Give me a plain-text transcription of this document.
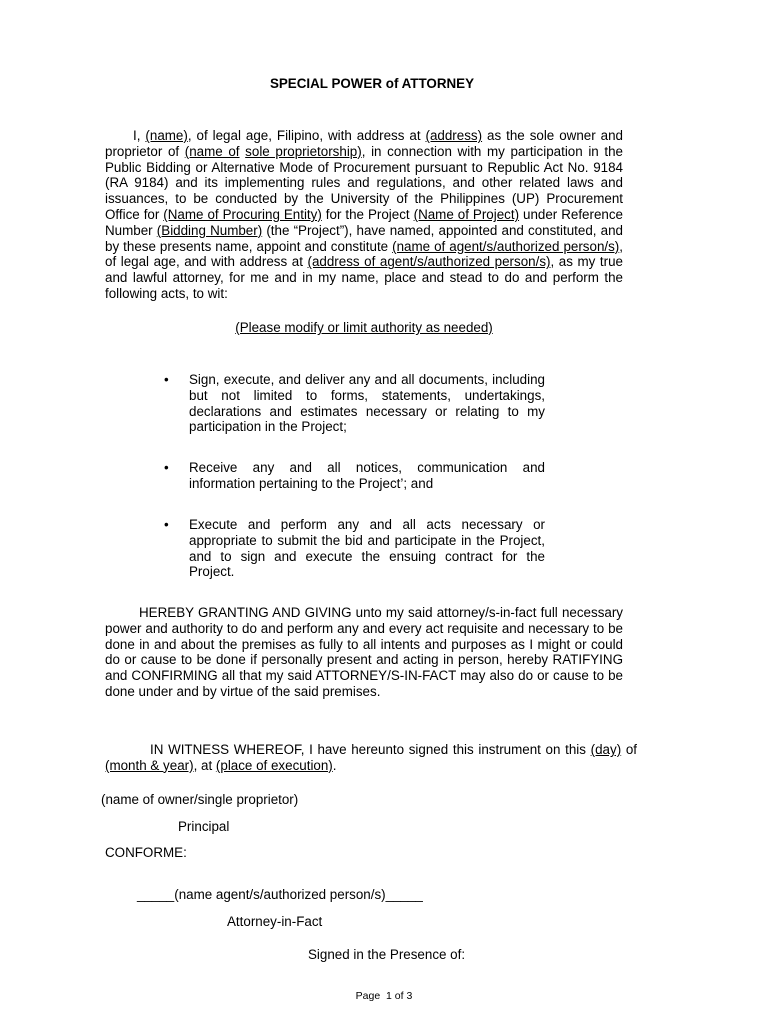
SPECIAL POWER of ATTORNEY
I, (name), of legal age, Filipino, with address at (address) as the sole owner and proprietor of (name of sole proprietorship), in connection with my participation in the Public Bidding or Alternative Mode of Procurement pursuant to Republic Act No. 9184 (RA 9184) and its implementing rules and regulations, and other related laws and issuances, to be conducted by the University of the Philippines (UP) Procurement Office for (Name of Procuring Entity) for the Project (Name of Project) under Reference Number (Bidding Number) (the “Project”), have named, appointed and constituted, and by these presents name, appoint and constitute (name of agent/s/authorized person/s), of legal age, and with address at (address of agent/s/authorized person/s), as my true and lawful attorney, for me and in my name, place and stead to do and perform the following acts, to wit:
(Please modify or limit authority as needed)
• Sign, execute, and deliver any and all documents, including but not limited to forms, statements, undertakings, declarations and estimates necessary or relating to my participation in the Project;
• Receive any and all notices, communication and information pertaining to the Project’; and
• Execute and perform any and all acts necessary or appropriate to submit the bid and participate in the Project, and to sign and execute the ensuing contract for the Project.
HEREBY GRANTING AND GIVING unto my said attorney/s-in-fact full necessary power and authority to do and perform any and every act requisite and necessary to be done in and about the premises as fully to all intents and purposes as I might or could do or cause to be done if personally present and acting in person, hereby RATIFYING and CONFIRMING all that my said ATTORNEY/S-IN-FACT may also do or cause to be done under and by virtue of the said premises.
IN WITNESS WHEREOF, I have hereunto signed this instrument on this (day) of (month & year), at (place of execution).
(name of owner/single proprietor)
Principal
CONFORME:
_____(name agent/s/authorized person/s)_____
Attorney-in-Fact
Signed in the Presence of:
Page 1 of 3
